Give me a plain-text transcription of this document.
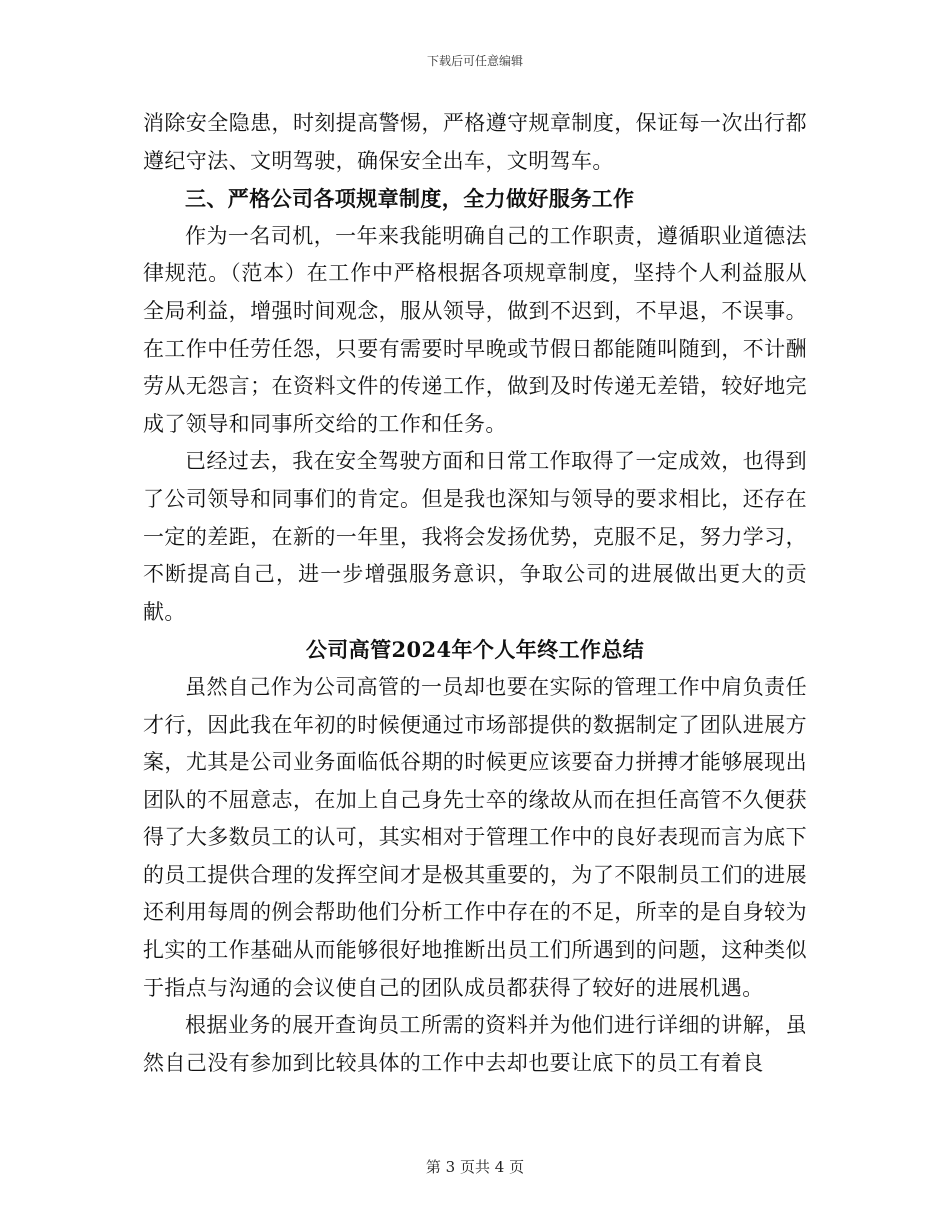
下载后可任意编辑

消除安全隐患，时刻提高警惕，严格遵守规章制度，保证每一次出行都遵纪守法、文明驾驶，确保安全出车，文明驾车。

三、严格公司各项规章制度，全力做好服务工作

作为一名司机，一年来我能明确自己的工作职责，遵循职业道德法律规范。（范本）在工作中严格根据各项规章制度，坚持个人利益服从全局利益，增强时间观念，服从领导，做到不迟到，不早退，不误事。在工作中任劳任怨，只要有需要时早晚或节假日都能随叫随到，不计酬劳从无怨言；在资料文件的传递工作，做到及时传递无差错，较好地完成了领导和同事所交给的工作和任务。

已经过去，我在安全驾驶方面和日常工作取得了一定成效，也得到了公司领导和同事们的肯定。但是我也深知与领导的要求相比，还存在一定的差距，在新的一年里，我将会发扬优势，克服不足，努力学习，不断提高自己，进一步增强服务意识，争取公司的进展做出更大的贡献。

公司高管2024年个人年终工作总结

虽然自己作为公司高管的一员却也要在实际的管理工作中肩负责任才行，因此我在年初的时候便通过市场部提供的数据制定了团队进展方案，尤其是公司业务面临低谷期的时候更应该要奋力拼搏才能够展现出团队的不屈意志，在加上自己身先士卒的缘故从而在担任高管不久便获得了大多数员工的认可，其实相对于管理工作中的良好表现而言为底下的员工提供合理的发挥空间才是极其重要的，为了不限制员工们的进展还利用每周的例会帮助他们分析工作中存在的不足，所幸的是自身较为扎实的工作基础从而能够很好地推断出员工们所遇到的问题，这种类似于指点与沟通的会议使自己的团队成员都获得了较好的进展机遇。

根据业务的展开查询员工所需的资料并为他们进行详细的讲解，虽然自己没有参加到比较具体的工作中去却也要让底下的员工有着良

第 3 页共 4 页
